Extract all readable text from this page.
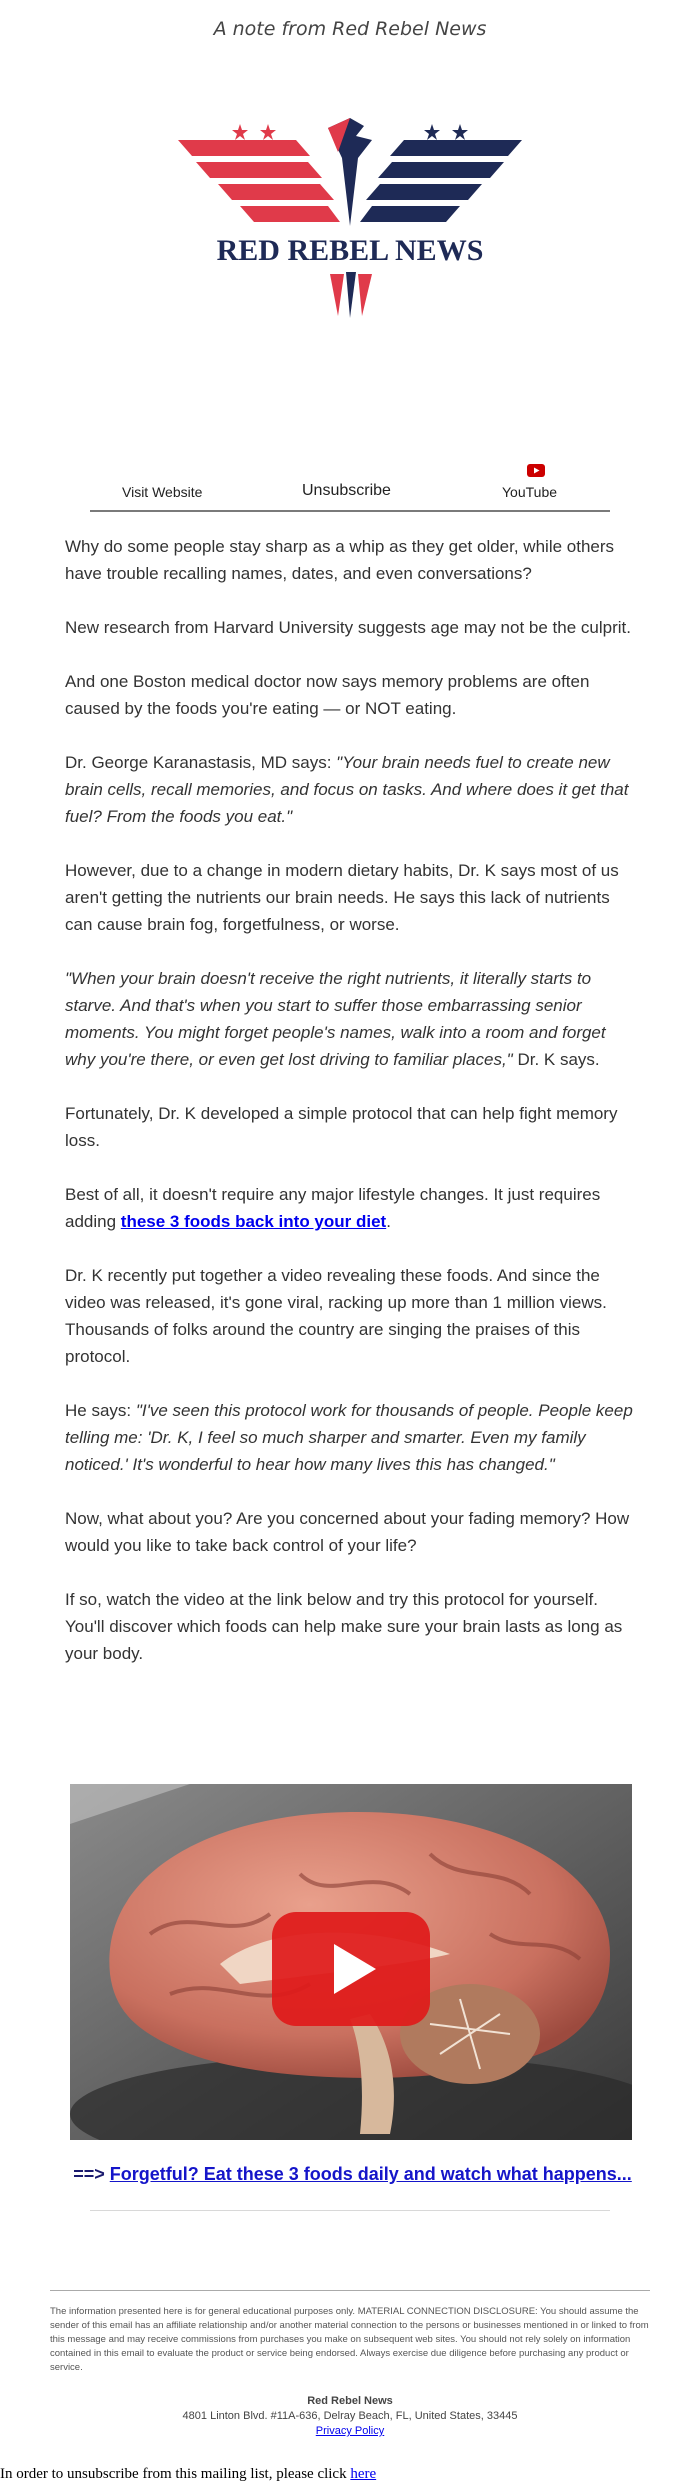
A note from Red Rebel News
RED REBEL NEWS
Visit Website	Unsubscribe	YouTube

Why do some people stay sharp as a whip as they get older, while others have trouble recalling names, dates, and even conversations?

New research from Harvard University suggests age may not be the culprit.

And one Boston medical doctor now says memory problems are often caused by the foods you're eating — or NOT eating.

Dr. George Karanastasis, MD says: "Your brain needs fuel to create new brain cells, recall memories, and focus on tasks. And where does it get that fuel? From the foods you eat."

However, due to a change in modern dietary habits, Dr. K says most of us aren't getting the nutrients our brain needs. He says this lack of nutrients can cause brain fog, forgetfulness, or worse.

"When your brain doesn't receive the right nutrients, it literally starts to starve. And that's when you start to suffer those embarrassing senior moments. You might forget people's names, walk into a room and forget why you're there, or even get lost driving to familiar places," Dr. K says.

Fortunately, Dr. K developed a simple protocol that can help fight memory loss.

Best of all, it doesn't require any major lifestyle changes. It just requires adding these 3 foods back into your diet.

Dr. K recently put together a video revealing these foods. And since the video was released, it's gone viral, racking up more than 1 million views. Thousands of folks around the country are singing the praises of this protocol.

He says: "I've seen this protocol work for thousands of people. People keep telling me: 'Dr. K, I feel so much sharper and smarter. Even my family noticed.' It's wonderful to hear how many lives this has changed."

Now, what about you? Are you concerned about your fading memory? How would you like to take back control of your life?

If so, watch the video at the link below and try this protocol for yourself. You'll discover which foods can help make sure your brain lasts as long as your body.

==> Forgetful? Eat these 3 foods daily and watch what happens...
The information presented here is for general educational purposes only. MATERIAL CONNECTION DISCLOSURE: You should assume the sender of this email has an affiliate relationship and/or another material connection to the persons or businesses mentioned in or linked to from this message and may receive commissions from purchases you make on subsequent web sites. You should not rely solely on information contained in this email to evaluate the product or service being endorsed. Always exercise due diligence before purchasing any product or service.
Red Rebel News
4801 Linton Blvd. #11A-636, Delray Beach, FL, United States, 33445
Privacy Policy
In order to unsubscribe from this mailing list, please click here
